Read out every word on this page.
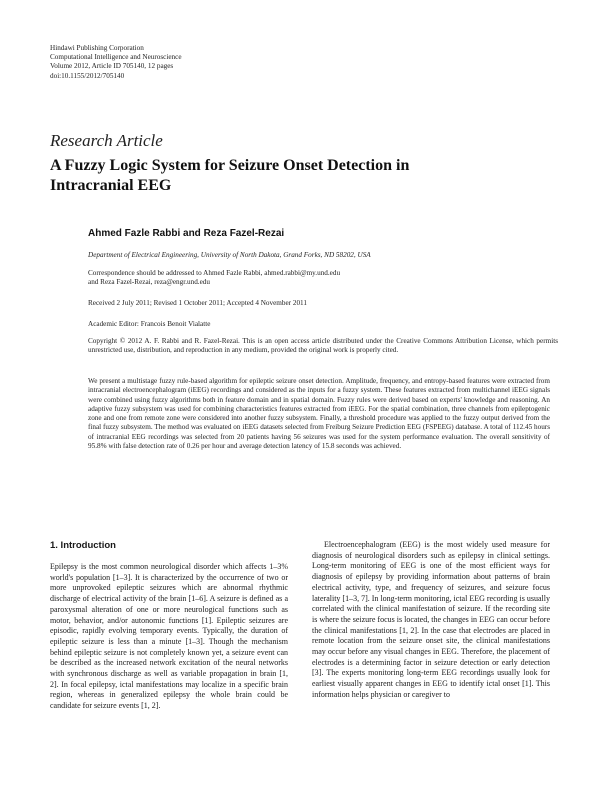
Hindawi Publishing Corporation
Computational Intelligence and Neuroscience
Volume 2012, Article ID 705140, 12 pages
doi:10.1155/2012/705140
Research Article
A Fuzzy Logic System for Seizure Onset Detection in
Intracranial EEG
Ahmed Fazle Rabbi and Reza Fazel-Rezai
Department of Electrical Engineering, University of North Dakota, Grand Forks, ND 58202, USA
Correspondence should be addressed to Ahmed Fazle Rabbi, ahmed.rabbi@my.und.edu
and Reza Fazel-Rezai, reza@engr.und.edu
Received 2 July 2011; Revised 1 October 2011; Accepted 4 November 2011
Academic Editor: Francois Benoit Vialatte
Copyright © 2012 A. F. Rabbi and R. Fazel-Rezai. This is an open access article distributed under the Creative Commons Attribution License, which permits unrestricted use, distribution, and reproduction in any medium, provided the original work is properly cited.
We present a multistage fuzzy rule-based algorithm for epileptic seizure onset detection. Amplitude, frequency, and entropy-based features were extracted from intracranial electroencephalogram (iEEG) recordings and considered as the inputs for a fuzzy system. These features extracted from multichannel iEEG signals were combined using fuzzy algorithms both in feature domain and in spatial domain. Fuzzy rules were derived based on experts' knowledge and reasoning. An adaptive fuzzy subsystem was used for combining characteristics features extracted from iEEG. For the spatial combination, three channels from epileptogenic zone and one from remote zone were considered into another fuzzy subsystem. Finally, a threshold procedure was applied to the fuzzy output derived from the final fuzzy subsystem. The method was evaluated on iEEG datasets selected from Freiburg Seizure Prediction EEG (FSPEEG) database. A total of 112.45 hours of intracranial EEG recordings was selected from 20 patients having 56 seizures was used for the system performance evaluation. The overall sensitivity of 95.8% with false detection rate of 0.26 per hour and average detection latency of 15.8 seconds was achieved.
1. Introduction

Epilepsy is the most common neurological disorder which affects 1–3% world's population [1–3]. It is characterized by the occurrence of two or more unprovoked epileptic seizures which are abnormal rhythmic discharge of electrical activity of the brain [1–6]. A seizure is defined as a paroxysmal alteration of one or more neurological functions such as motor, behavior, and/or autonomic functions [1]. Epileptic seizures are episodic, rapidly evolving temporary events. Typically, the duration of epileptic seizure is less than a minute [1–3]. Though the mechanism behind epileptic seizure is not completely known yet, a seizure event can be described as the increased network excitation of the neural networks with synchronous discharge as well as variable propagation in brain [1, 2]. In focal epilepsy, ictal manifestations may localize in a specific brain region, whereas in generalized epilepsy the whole brain could be candidate for seizure events [1, 2].

Electroencephalogram (EEG) is the most widely used measure for diagnosis of neurological disorders such as epilepsy in clinical settings. Long-term monitoring of EEG is one of the most efficient ways for diagnosis of epilepsy by providing information about patterns of brain electrical activity, type, and frequency of seizures, and seizure focus laterality [1–3, 7]. In long-term monitoring, ictal EEG recording is usually correlated with the clinical manifestation of seizure. If the recording site is where the seizure focus is located, the changes in EEG can occur before the clinical manifestations [1, 2]. In the case that electrodes are placed in remote location from the seizure onset site, the clinical manifestations may occur before any visual changes in EEG. Therefore, the placement of electrodes is a determining factor in seizure detection or early detection [3]. The experts monitoring long-term EEG recordings usually look for earliest visually apparent changes in EEG to identify ictal onset [1]. This information helps physician or caregiver to
